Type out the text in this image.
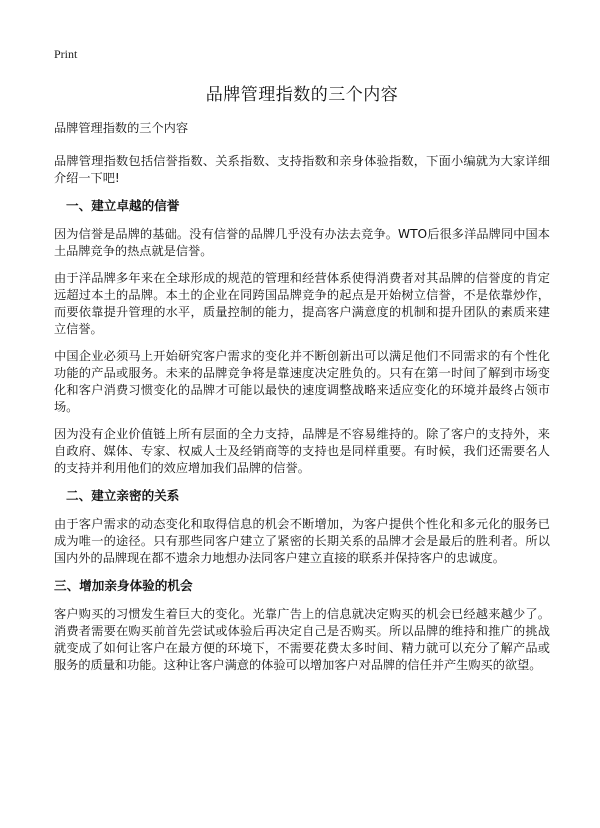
Print
品牌管理指数的三个内容

品牌管理指数的三个内容

品牌管理指数包括信誉指数、关系指数、支持指数和亲身体验指数，下面小编就为大家详细介绍一下吧!

一、建立卓越的信誉

因为信誉是品牌的基础。没有信誉的品牌几乎没有办法去竞争。WTO后很多洋品牌同中国本土品牌竞争的热点就是信誉。

由于洋品牌多年来在全球形成的规范的管理和经营体系使得消费者对其品牌的信誉度的肯定远超过本土的品牌。本土的企业在同跨国品牌竞争的起点是开始树立信誉，不是依靠炒作，而要依靠提升管理的水平，质量控制的能力，提高客户满意度的机制和提升团队的素质来建立信誉。

中国企业必须马上开始研究客户需求的变化并不断创新出可以满足他们不同需求的有个性化功能的产品或服务。未来的品牌竞争将是靠速度决定胜负的。只有在第一时间了解到市场变化和客户消费习惯变化的品牌才可能以最快的速度调整战略来适应变化的环境并最终占领市场。

因为没有企业价值链上所有层面的全力支持，品牌是不容易维持的。除了客户的支持外，来自政府、媒体、专家、权威人士及经销商等的支持也是同样重要。有时候，我们还需要名人的支持并利用他们的效应增加我们品牌的信誉。

二、建立亲密的关系

由于客户需求的动态变化和取得信息的机会不断增加，为客户提供个性化和多元化的服务已成为唯一的途径。只有那些同客户建立了紧密的长期关系的品牌才会是最后的胜利者。所以国内外的品牌现在都不遗余力地想办法同客户建立直接的联系并保持客户的忠诚度。

三、增加亲身体验的机会

客户购买的习惯发生着巨大的变化。光靠广告上的信息就决定购买的机会已经越来越少了。消费者需要在购买前首先尝试或体验后再决定自己是否购买。所以品牌的维持和推广的挑战就变成了如何让客户在最方便的环境下，不需要花费太多时间、精力就可以充分了解产品或服务的质量和功能。这种让客户满意的体验可以增加客户对品牌的信任并产生购买的欲望。
